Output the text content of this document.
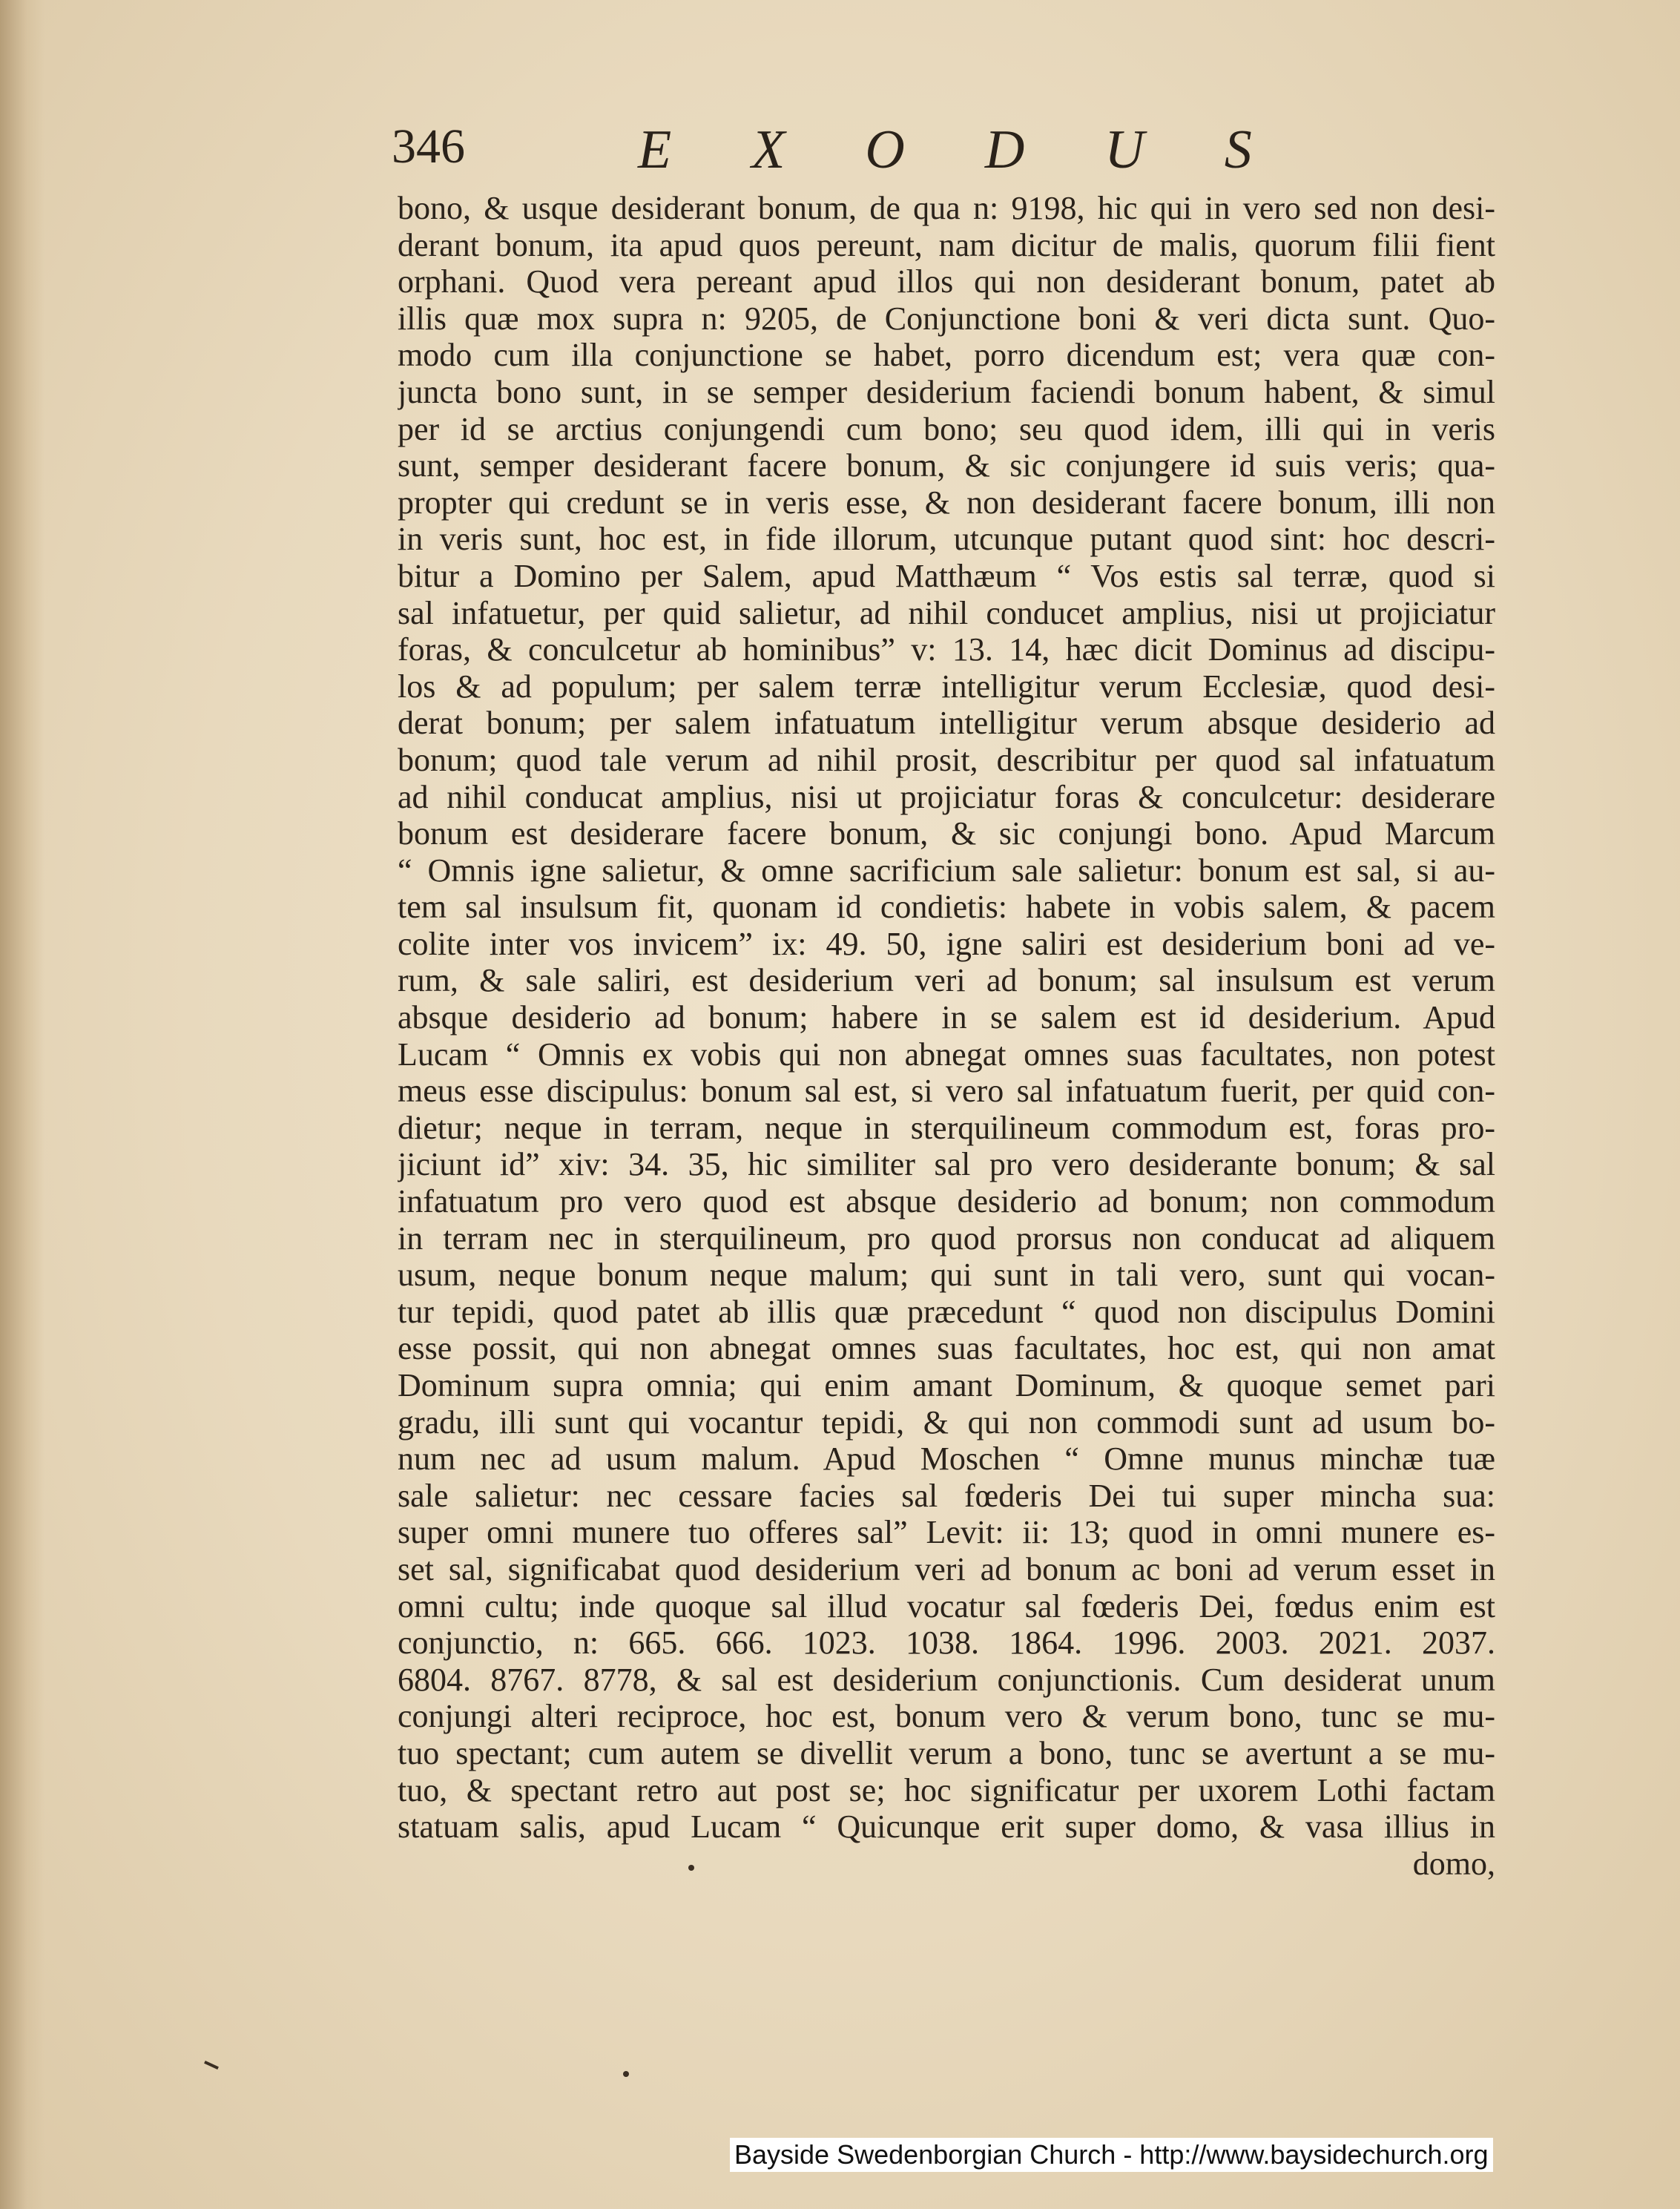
346	EXODUS
bono, & usque desiderant bonum, de qua n: 9198, hic qui in vero sed non desi-
derant bonum, ita apud quos pereunt, nam dicitur de malis, quorum filii fient
orphani. Quod vera pereant apud illos qui non desiderant bonum, patet ab
illis quæ mox supra n: 9205, de Conjunctione boni & veri dicta sunt. Quo-
modo cum illa conjunctione se habet, porro dicendum est; vera quæ con-
juncta bono sunt, in se semper desiderium faciendi bonum habent, & simul
per id se arctius conjungendi cum bono; seu quod idem, illi qui in veris
sunt, semper desiderant facere bonum, & sic conjungere id suis veris; qua-
propter qui credunt se in veris esse, & non desiderant facere bonum, illi non
in veris sunt, hoc est, in fide illorum, utcunque putant quod sint: hoc descri-
bitur a Domino per Salem, apud Matthæum “ Vos estis sal terræ, quod si
sal infatuetur, per quid salietur, ad nihil conducet amplius, nisi ut projiciatur
foras, & conculcetur ab hominibus” v: 13. 14, hæc dicit Dominus ad discipu-
los & ad populum; per salem terræ intelligitur verum Ecclesiæ, quod desi-
derat bonum; per salem infatuatum intelligitur verum absque desiderio ad
bonum; quod tale verum ad nihil prosit, describitur per quod sal infatuatum
ad nihil conducat amplius, nisi ut projiciatur foras & conculcetur: desiderare
bonum est desiderare facere bonum, & sic conjungi bono. Apud Marcum
“ Omnis igne salietur, & omne sacrificium sale salietur: bonum est sal, si au-
tem sal insulsum fit, quonam id condietis: habete in vobis salem, & pacem
colite inter vos invicem” ix: 49. 50, igne saliri est desiderium boni ad ve-
rum, & sale saliri, est desiderium veri ad bonum; sal insulsum est verum
absque desiderio ad bonum; habere in se salem est id desiderium. Apud
Lucam “ Omnis ex vobis qui non abnegat omnes suas facultates, non potest
meus esse discipulus: bonum sal est, si vero sal infatuatum fuerit, per quid con-
dietur; neque in terram, neque in sterquilineum commodum est, foras pro-
jiciunt id” xiv: 34. 35, hic similiter sal pro vero desiderante bonum; & sal
infatuatum pro vero quod est absque desiderio ad bonum; non commodum
in terram nec in sterquilineum, pro quod prorsus non conducat ad aliquem
usum, neque bonum neque malum; qui sunt in tali vero, sunt qui vocan-
tur tepidi, quod patet ab illis quæ præcedunt “ quod non discipulus Domini
esse possit, qui non abnegat omnes suas facultates, hoc est, qui non amat
Dominum supra omnia; qui enim amant Dominum, & quoque semet pari
gradu, illi sunt qui vocantur tepidi, & qui non commodi sunt ad usum bo-
num nec ad usum malum. Apud Moschen “ Omne munus minchæ tuæ
sale salietur: nec cessare facies sal fœderis Dei tui super mincha sua:
super omni munere tuo offeres sal” Levit: ii: 13; quod in omni munere es-
set sal, significabat quod desiderium veri ad bonum ac boni ad verum esset in
omni cultu; inde quoque sal illud vocatur sal fœderis Dei, fœdus enim est
conjunctio, n: 665. 666. 1023. 1038. 1864. 1996. 2003. 2021. 2037.
6804. 8767. 8778, & sal est desiderium conjunctionis. Cum desiderat unum
conjungi alteri reciproce, hoc est, bonum vero & verum bono, tunc se mu-
tuo spectant; cum autem se divellit verum a bono, tunc se avertunt a se mu-
tuo, & spectant retro aut post se; hoc significatur per uxorem Lothi factam
statuam salis, apud Lucam “ Quicunque erit super domo, & vasa illius in
domo,
Bayside Swedenborgian Church - http://www.baysidechurch.org
